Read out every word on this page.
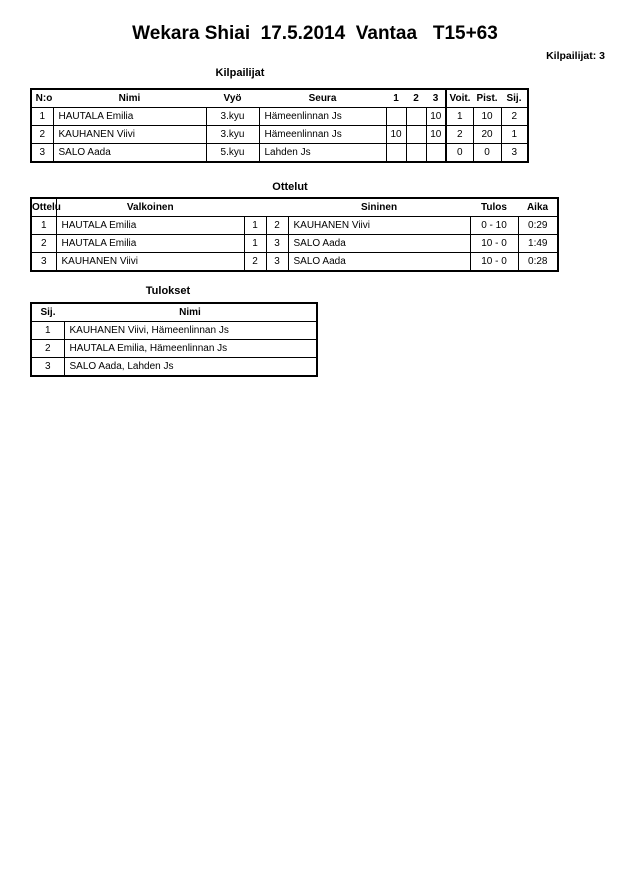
Wekara Shiai  17.5.2014  Vantaa   T15+63
Kilpailijat: 3
Kilpailijat
N:o	Nimi	Vyö	Seura	1	2	3	Voit.	Pist.	Sij.
1	HAUTALA Emilia	3.kyu	Hämeenlinnan Js			10	1	10	2
2	KAUHANEN Viivi	3.kyu	Hämeenlinnan Js	10		10	2	20	1
3	SALO Aada	5.kyu	Lahden Js				0	0	3
Ottelut
Ottelu	Valkoinen			Sininen	Tulos	Aika
1	HAUTALA Emilia	1	2	KAUHANEN Viivi	0 - 10	0:29
2	HAUTALA Emilia	1	3	SALO Aada	10 - 0	1:49
3	KAUHANEN Viivi	2	3	SALO Aada	10 - 0	0:28
Tulokset
Sij.	Nimi
1	KAUHANEN Viivi, Hämeenlinnan Js
2	HAUTALA Emilia, Hämeenlinnan Js
3	SALO Aada, Lahden Js
